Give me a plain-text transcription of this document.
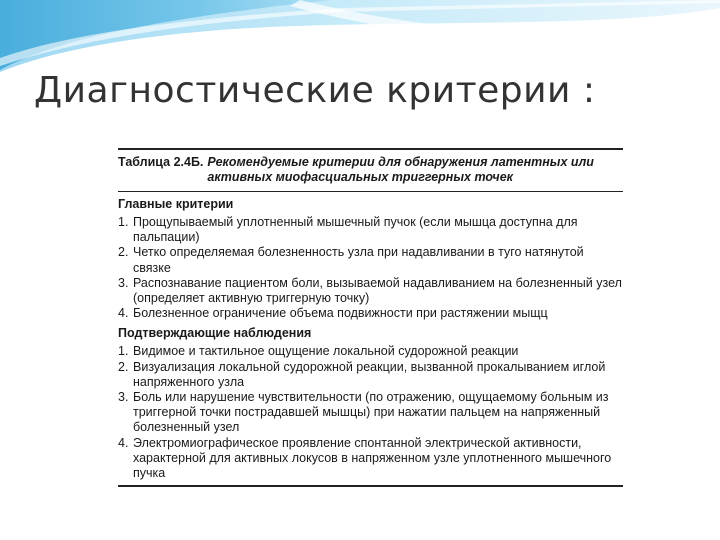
Диагностические критерии :
Таблица 2.4Б. Рекомендуемые критерии для обнаружения латентных или активных миофасциальных триггерных точек
Главные критерии
1. Прощупываемый уплотненный мышечный пучок (если мышца доступна для пальпации)
2. Четко определяемая болезненность узла при надавливании в туго натянутой связке
3. Распознавание пациентом боли, вызываемой надавливанием на болезненный узел (определяет активную триггерную точку)
4. Болезненное ограничение объема подвижности при растяжении мыщц
Подтверждающие наблюдения
1. Видимое и тактильное ощущение локальной судорожной реакции
2. Визуализация локальной судорожной реакции, вызванной прокалыванием иглой напряженного узла
3. Боль или нарушение чувствительности (по отражению, ощущаемому больным из триггерной точки пострадавшей мышцы) при нажатии пальцем на напряженный болезненный узел
4. Электромиографическое проявление спонтанной электрической активности, характерной для активных локусов в напряженном узле уплотненного мышечного пучка
